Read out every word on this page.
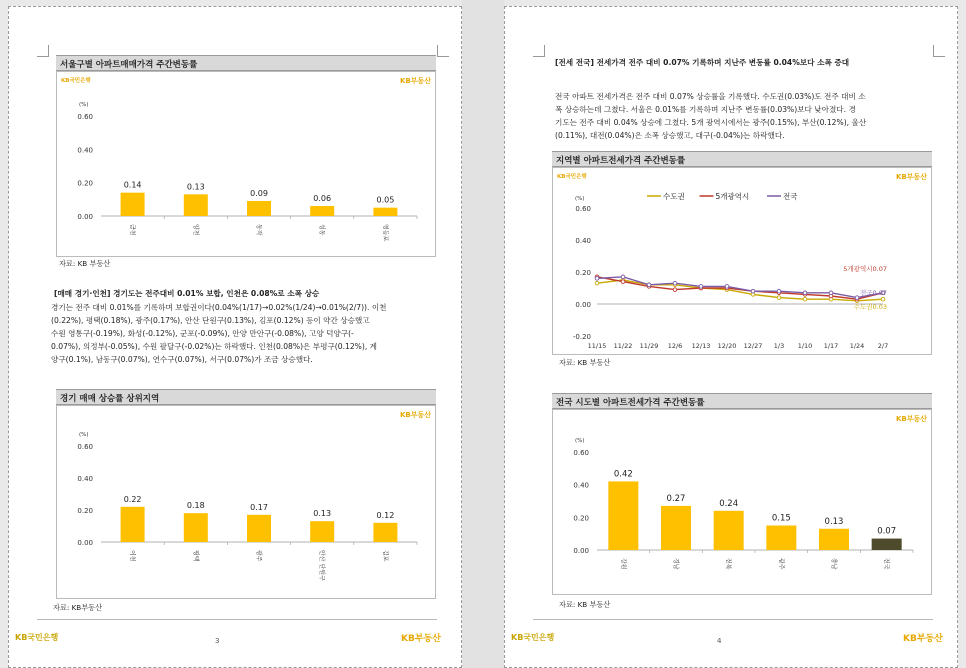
서울구별 아파트매매가격 주간변동률
KB국민은행	KB부동산
(%)
0.60
0.40
0.20
0.00
0.14
금천
0.13
양천
0.09
동작
0.06
성동
0.05
영등포
자료: KB 부동산
[매매 경기·인천] 경기도는 전주대비 0.01% 보합, 인천은 0.08%로 소폭 상승
경기는 전주 대비 0.01%를 기록하며 보합권이다(0.04%(1/17)→0.02%(1/24)→0.01%(2/7)). 이천
(0.22%), 평택(0.18%), 광주(0.17%), 안산 단원구(0.13%), 김포(0.12%) 등이 약간 상승했고
수원 영통구(-0.19%), 화성(-0.12%), 군포(-0.09%), 안양 만안구(-0.08%), 고양 덕양구(-
0.07%), 의정부(-0.05%), 수원 팔달구(-0.02%)는 하락했다. 인천(0.08%)은 부평구(0.12%), 계
양구(0.1%), 남동구(0.07%), 연수구(0.07%), 서구(0.07%)가 조금 상승했다.
경기 매매 상승률 상위지역
KB부동산
(%)
0.60
0.40
0.20
0.00
0.22
이천
0.18
평택
0.17
광주
0.13
안산 단원구
0.12
김포
자료: KB부동산
KB국민은행	3	KB부동산
[전세 전국] 전세가격 전주 대비 0.07% 기록하며 지난주 변동률 0.04%보다 소폭 증대
전국 아파트 전세가격은 전주 대비 0.07% 상승률을 기록했다. 수도권(0.03%)도 전주 대비 소
폭 상승하는데 그쳤다. 서울은 0.01%를 기록하며 지난주 변동률(0.03%)보다 낮아졌다. 경
기도는 전주 대비 0.04% 상승에 그쳤다. 5개 광역시에서는 광주(0.15%), 부산(0.12%), 울산
(0.11%), 대전(0.04%)은 소폭 상승했고, 대구(-0.04%)는 하락했다.
지역별 아파트전세가격 주간변동률
KB국민은행	KB부동산
(%)
0.60
0.40
0.20
0.00
-0.20
11/15 11/22 11/29 12/6 12/13 12/20 12/27 1/3 1/10 1/17 1/24 2/7
수도권	5개광역시	전국
수도권0.03
5개광역시0.07
전국0.07
자료: KB 부동산
전국 시도별 아파트전세가격 주간변동률
KB부동산
(%)
0.60
0.40
0.20
0.00
0.42
강원
0.27
경남
0.24
전북
0.15
광주
0.13
충남
0.07
전국
자료: KB 부동산
KB국민은행	4	KB부동산
